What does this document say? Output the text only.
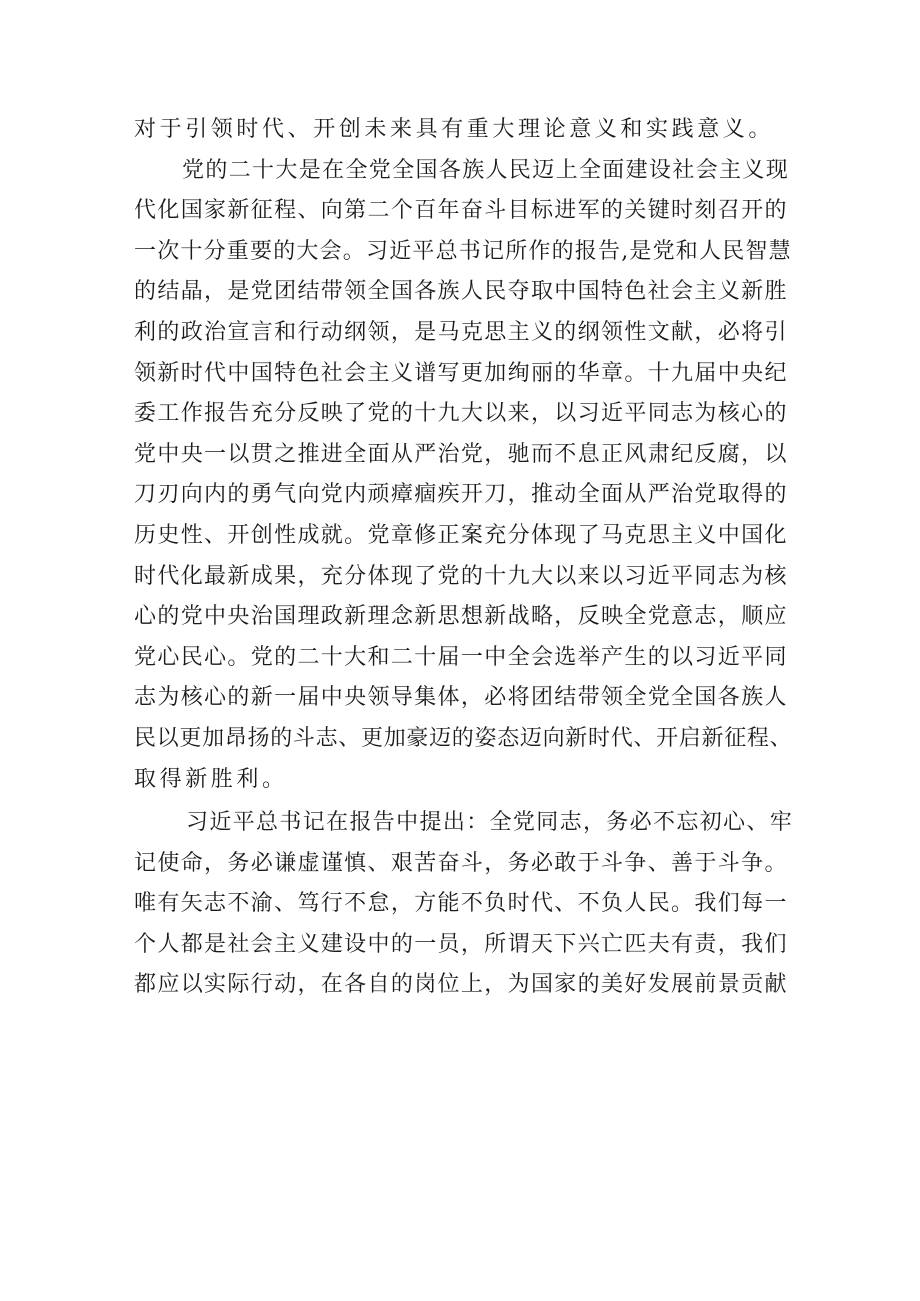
对于引领时代、开创未来具有重大理论意义和实践意义。

党的二十大是在全党全国各族人民迈上全面建设社会主义现
代化国家新征程、向第二个百年奋斗目标进军的关键时刻召开的
一次十分重要的大会。习近平总书记所作的报告,是党和人民智慧
的结晶，是党团结带领全国各族人民夺取中国特色社会主义新胜
利的政治宣言和行动纲领，是马克思主义的纲领性文献，必将引
领新时代中国特色社会主义谱写更加绚丽的华章。十九届中央纪
委工作报告充分反映了党的十九大以来，以习近平同志为核心的
党中央一以贯之推进全面从严治党，驰而不息正风肃纪反腐，以
刀刃向内的勇气向党内顽瘴痼疾开刀，推动全面从严治党取得的
历史性、开创性成就。党章修正案充分体现了马克思主义中国化
时代化最新成果，充分体现了党的十九大以来以习近平同志为核
心的党中央治国理政新理念新思想新战略，反映全党意志，顺应
党心民心。党的二十大和二十届一中全会选举产生的以习近平同
志为核心的新一届中央领导集体，必将团结带领全党全国各族人
民以更加昂扬的斗志、更加豪迈的姿态迈向新时代、开启新征程、
取得新胜利。

习近平总书记在报告中提出：全党同志，务必不忘初心、牢
记使命，务必谦虚谨慎、艰苦奋斗，务必敢于斗争、善于斗争。
唯有矢志不渝、笃行不怠，方能不负时代、不负人民。我们每一
个人都是社会主义建设中的一员，所谓天下兴亡匹夫有责，我们
都应以实际行动，在各自的岗位上，为国家的美好发展前景贡献
